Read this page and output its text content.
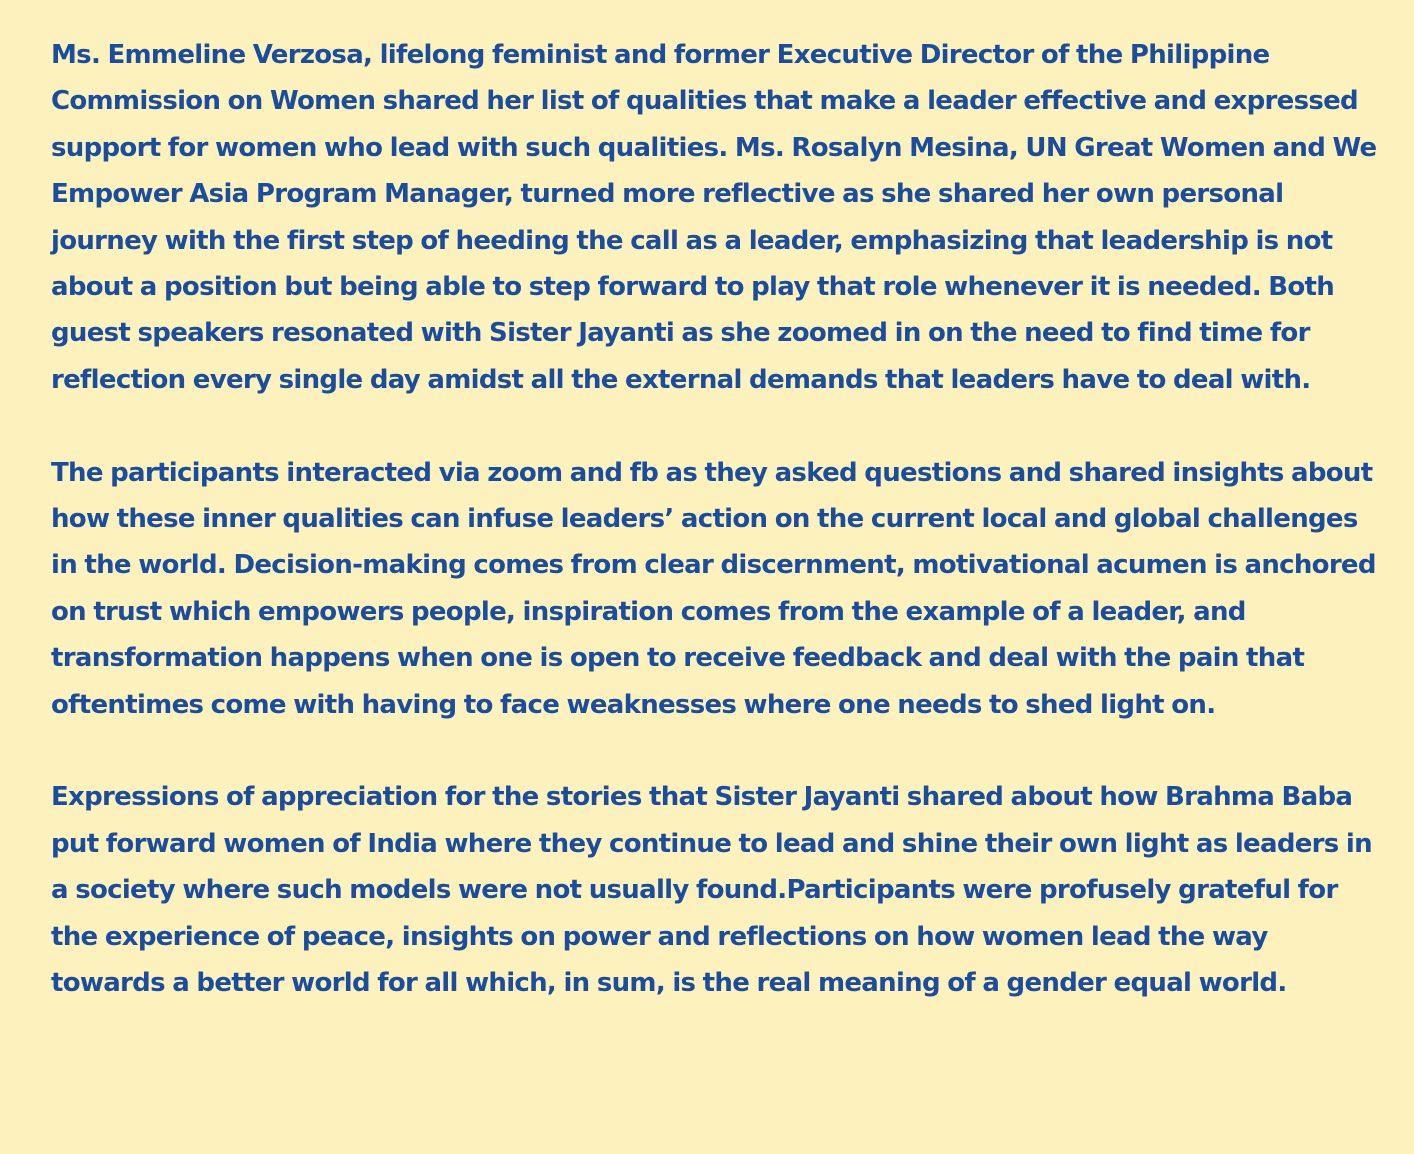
Ms. Emmeline Verzosa, lifelong feminist and former Executive Director of the Philippine Commission on Women shared her list of qualities that make a leader effective and expressed support for women who lead with such qualities. Ms. Rosalyn Mesina, UN Great Women and We Empower Asia Program Manager, turned more reflective as she shared her own personal journey with the first step of heeding the call as a leader, emphasizing that leadership is not about a position but being able to step forward to play that role whenever it is needed. Both guest speakers resonated with Sister Jayanti as she zoomed in on the need to find time for reflection every single day amidst all the external demands that leaders have to deal with.

The participants interacted via zoom and fb as they asked questions and shared insights about how these inner qualities can infuse leaders’ action on the current local and global challenges in the world. Decision-making comes from clear discernment, motivational acumen is anchored on trust which empowers people, inspiration comes from the example of a leader, and transformation happens when one is open to receive feedback and deal with the pain that oftentimes come with having to face weaknesses where one needs to shed light on.

Expressions of appreciation for the stories that Sister Jayanti shared about how Brahma Baba put forward women of India where they continue to lead and shine their own light as leaders in a society where such models were not usually found.Participants were profusely grateful for the experience of peace, insights on power and reflections on how women lead the way towards a better world for all which, in sum, is the real meaning of a gender equal world.
